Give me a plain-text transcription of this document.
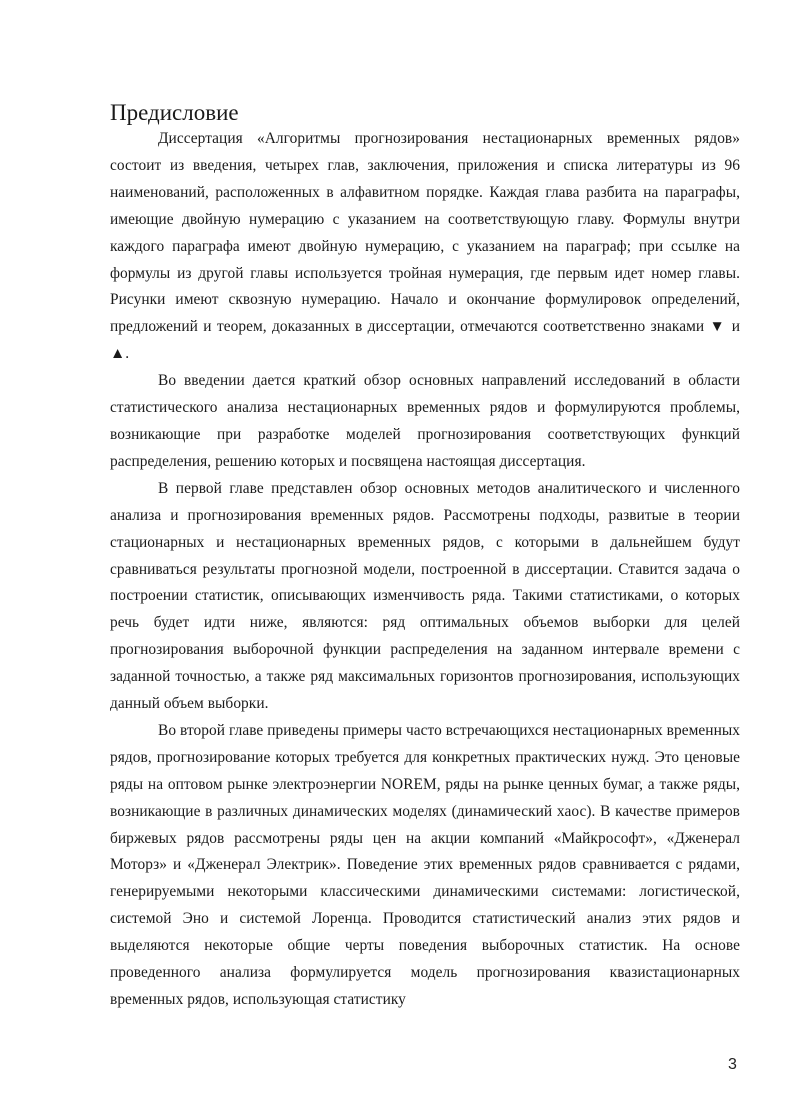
Предисловие

Диссертация «Алгоритмы прогнозирования нестационарных временных рядов» состоит из введения, четырех глав, заключения, приложения и списка литературы из 96 наименований, расположенных в алфавитном порядке. Каждая глава разбита на параграфы, имеющие двойную нумерацию с указанием на соответствующую главу. Формулы внутри каждого параграфа имеют двойную нумерацию, с указанием на параграф; при ссылке на формулы из другой главы используется тройная нумерация, где первым идет номер главы. Рисунки имеют сквозную нумерацию. Начало и окончание формулировок определений, предложений и теорем, доказанных в диссертации, отмечаются соответственно знаками ▼ и ▲.

Во введении дается краткий обзор основных направлений исследований в области статистического анализа нестационарных временных рядов и формулируются проблемы, возникающие при разработке моделей прогнозирования соответствующих функций распределения, решению которых и посвящена настоящая диссертация.

В первой главе представлен обзор основных методов аналитического и численного анализа и прогнозирования временных рядов. Рассмотрены подходы, развитые в теории стационарных и нестационарных временных рядов, с которыми в дальнейшем будут сравниваться результаты прогнозной модели, построенной в диссертации. Ставится задача о построении статистик, описывающих изменчивость ряда. Такими статистиками, о которых речь будет идти ниже, являются: ряд оптимальных объемов выборки для целей прогнозирования выборочной функции распределения на заданном интервале времени с заданной точностью, а также ряд максимальных горизонтов прогнозирования, использующих данный объем выборки.

Во второй главе приведены примеры часто встречающихся нестационарных временных рядов, прогнозирование которых требуется для конкретных практических нужд. Это ценовые ряды на оптовом рынке электроэнергии NOREM, ряды на рынке ценных бумаг, а также ряды, возникающие в различных динамических моделях (динамический хаос). В качестве примеров биржевых рядов рассмотрены ряды цен на акции компаний «Майкрософт», «Дженерал Моторз» и «Дженерал Электрик». Поведение этих временных рядов сравнивается с рядами, генерируемыми некоторыми классическими динамическими системами: логистической, системой Эно и системой Лоренца. Проводится статистический анализ этих рядов и выделяются некоторые общие черты поведения выборочных статистик. На основе проведенного анализа формулируется модель прогнозирования квазистационарных временных рядов, использующая статистику

3
